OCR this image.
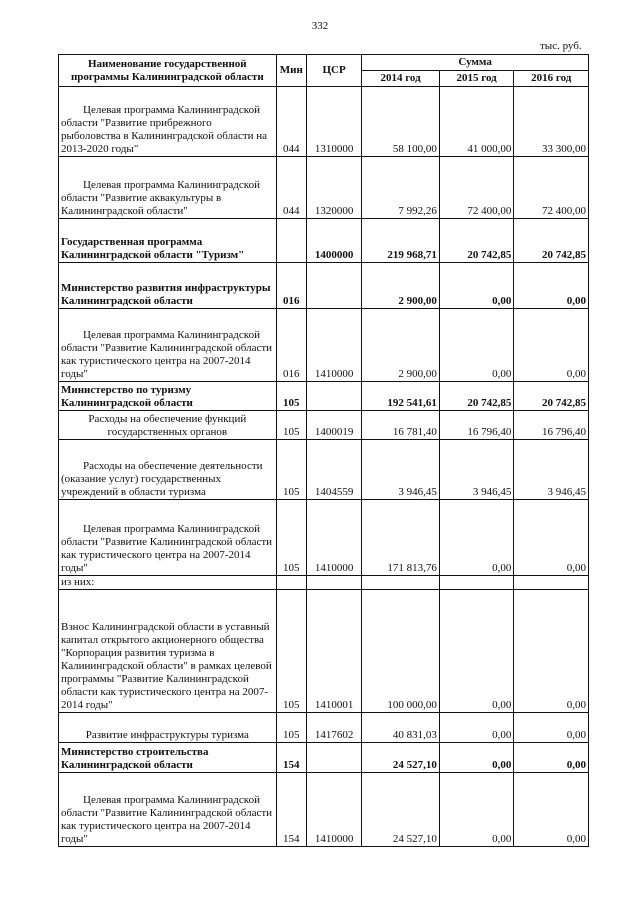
332
тыс. руб.
Наименование государственной программы Калининградской области	Мин	ЦСР	Сумма		
			2014 год	2015 год	2016 год
Целевая программа Калининградской области "Развитие прибрежного рыболовства в Калининградской области на 2013-2020 годы"	044	1310000	58 100,00	41 000,00	33 300,00
Целевая программа Калининградской области "Развитие аквакультуры в Калининградской области"	044	1320000	7 992,26	72 400,00	72 400,00
Государственная программа Калининградской области "Туризм"		1400000	219 968,71	20 742,85	20 742,85
Министерство развития инфраструктуры Калининградской области	016		2 900,00	0,00	0,00
Целевая программа Калининградской области "Развитие Калининградской области как туристического центра на 2007-2014 годы"	016	1410000	2 900,00	0,00	0,00
Министерство по туризму Калининградской области	105		192 541,61	20 742,85	20 742,85
Расходы на обеспечение функций государственных органов	105	1400019	16 781,40	16 796,40	16 796,40
Расходы на обеспечение деятельности (оказание услуг) государственных учреждений в области туризма	105	1404559	3 946,45	3 946,45	3 946,45
Целевая программа Калининградской области "Развитие Калининградской области как туристического центра на 2007-2014 годы"	105	1410000	171 813,76	0,00	0,00
из них:					
Взнос Калининградской области в уставный капитал открытого акционерного общества "Корпорация развития туризма в Калининградской области" в рамках целевой программы "Развитие Калининградской области как туристического центра на 2007-2014 годы"	105	1410001	100 000,00	0,00	0,00
Развитие инфраструктуры туризма	105	1417602	40 831,03	0,00	0,00
Министерство строительства Калининградской области	154		24 527,10	0,00	0,00
Целевая программа Калининградской области "Развитие Калининградской области как туристического центра на 2007-2014 годы"	154	1410000	24 527,10	0,00	0,00
